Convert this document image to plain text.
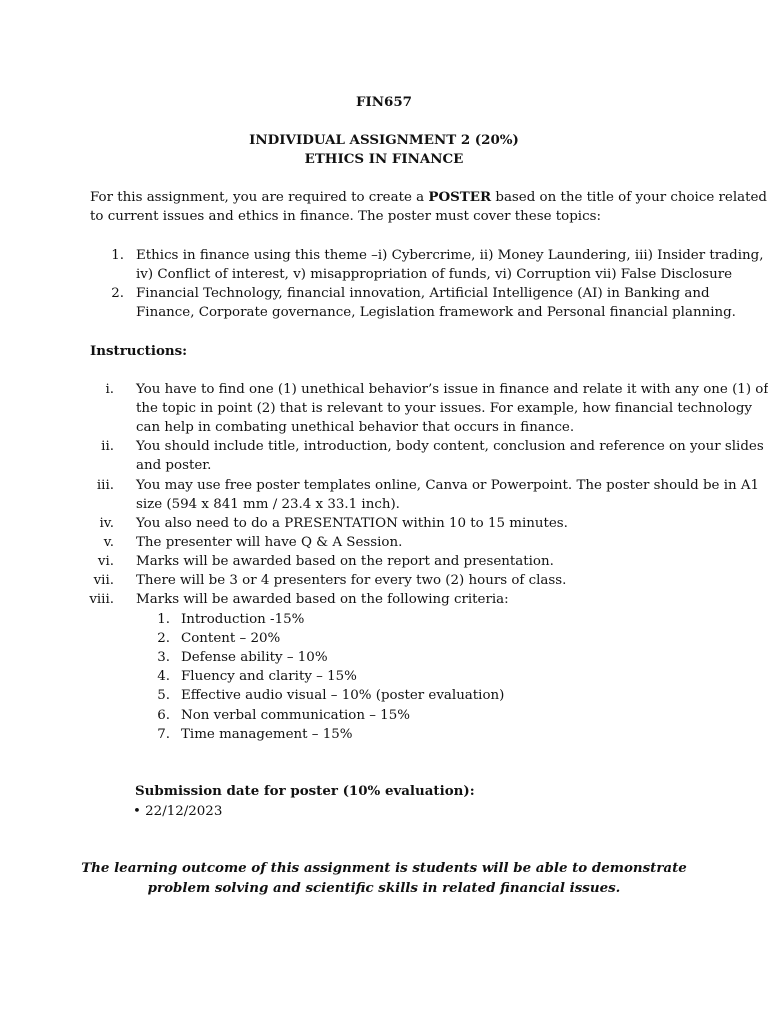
FIN657
INDIVIDUAL ASSIGNMENT 2 (20%)
ETHICS IN FINANCE
For this assignment, you are required to create a POSTER based on the title of your choice related
to current issues and ethics in finance. The poster must cover these topics:
1. Ethics in finance using this theme –i) Cybercrime, ii) Money Laundering, iii) Insider trading,
iv) Conflict of interest, v) misappropriation of funds, vi) Corruption vii) False Disclosure
2. Financial Technology, financial innovation, Artificial Intelligence (AI) in Banking and
Finance, Corporate governance, Legislation framework and Personal financial planning.
Instructions:
i. You have to find one (1) unethical behavior’s issue in finance and relate it with any one (1) of
the topic in point (2) that is relevant to your issues. For example, how financial technology
can help in combating unethical behavior that occurs in finance.
ii. You should include title, introduction, body content, conclusion and reference on your slides
and poster.
iii. You may use free poster templates online, Canva or Powerpoint. The poster should be in A1
size (594 x 841 mm / 23.4 x 33.1 inch).
iv. You also need to do a PRESENTATION within 10 to 15 minutes.
v. The presenter will have Q & A Session.
vi. Marks will be awarded based on the report and presentation.
vii. There will be 3 or 4 presenters for every two (2) hours of class.
viii. Marks will be awarded based on the following criteria:
1. Introduction -15%
2. Content – 20%
3. Defense ability – 10%
4. Fluency and clarity – 15%
5. Effective audio visual – 10% (poster evaluation)
6. Non verbal communication – 15%
7. Time management – 15%
Submission date for poster (10% evaluation):
• 22/12/2023
The learning outcome of this assignment is students will be able to demonstrate
problem solving and scientific skills in related financial issues.
